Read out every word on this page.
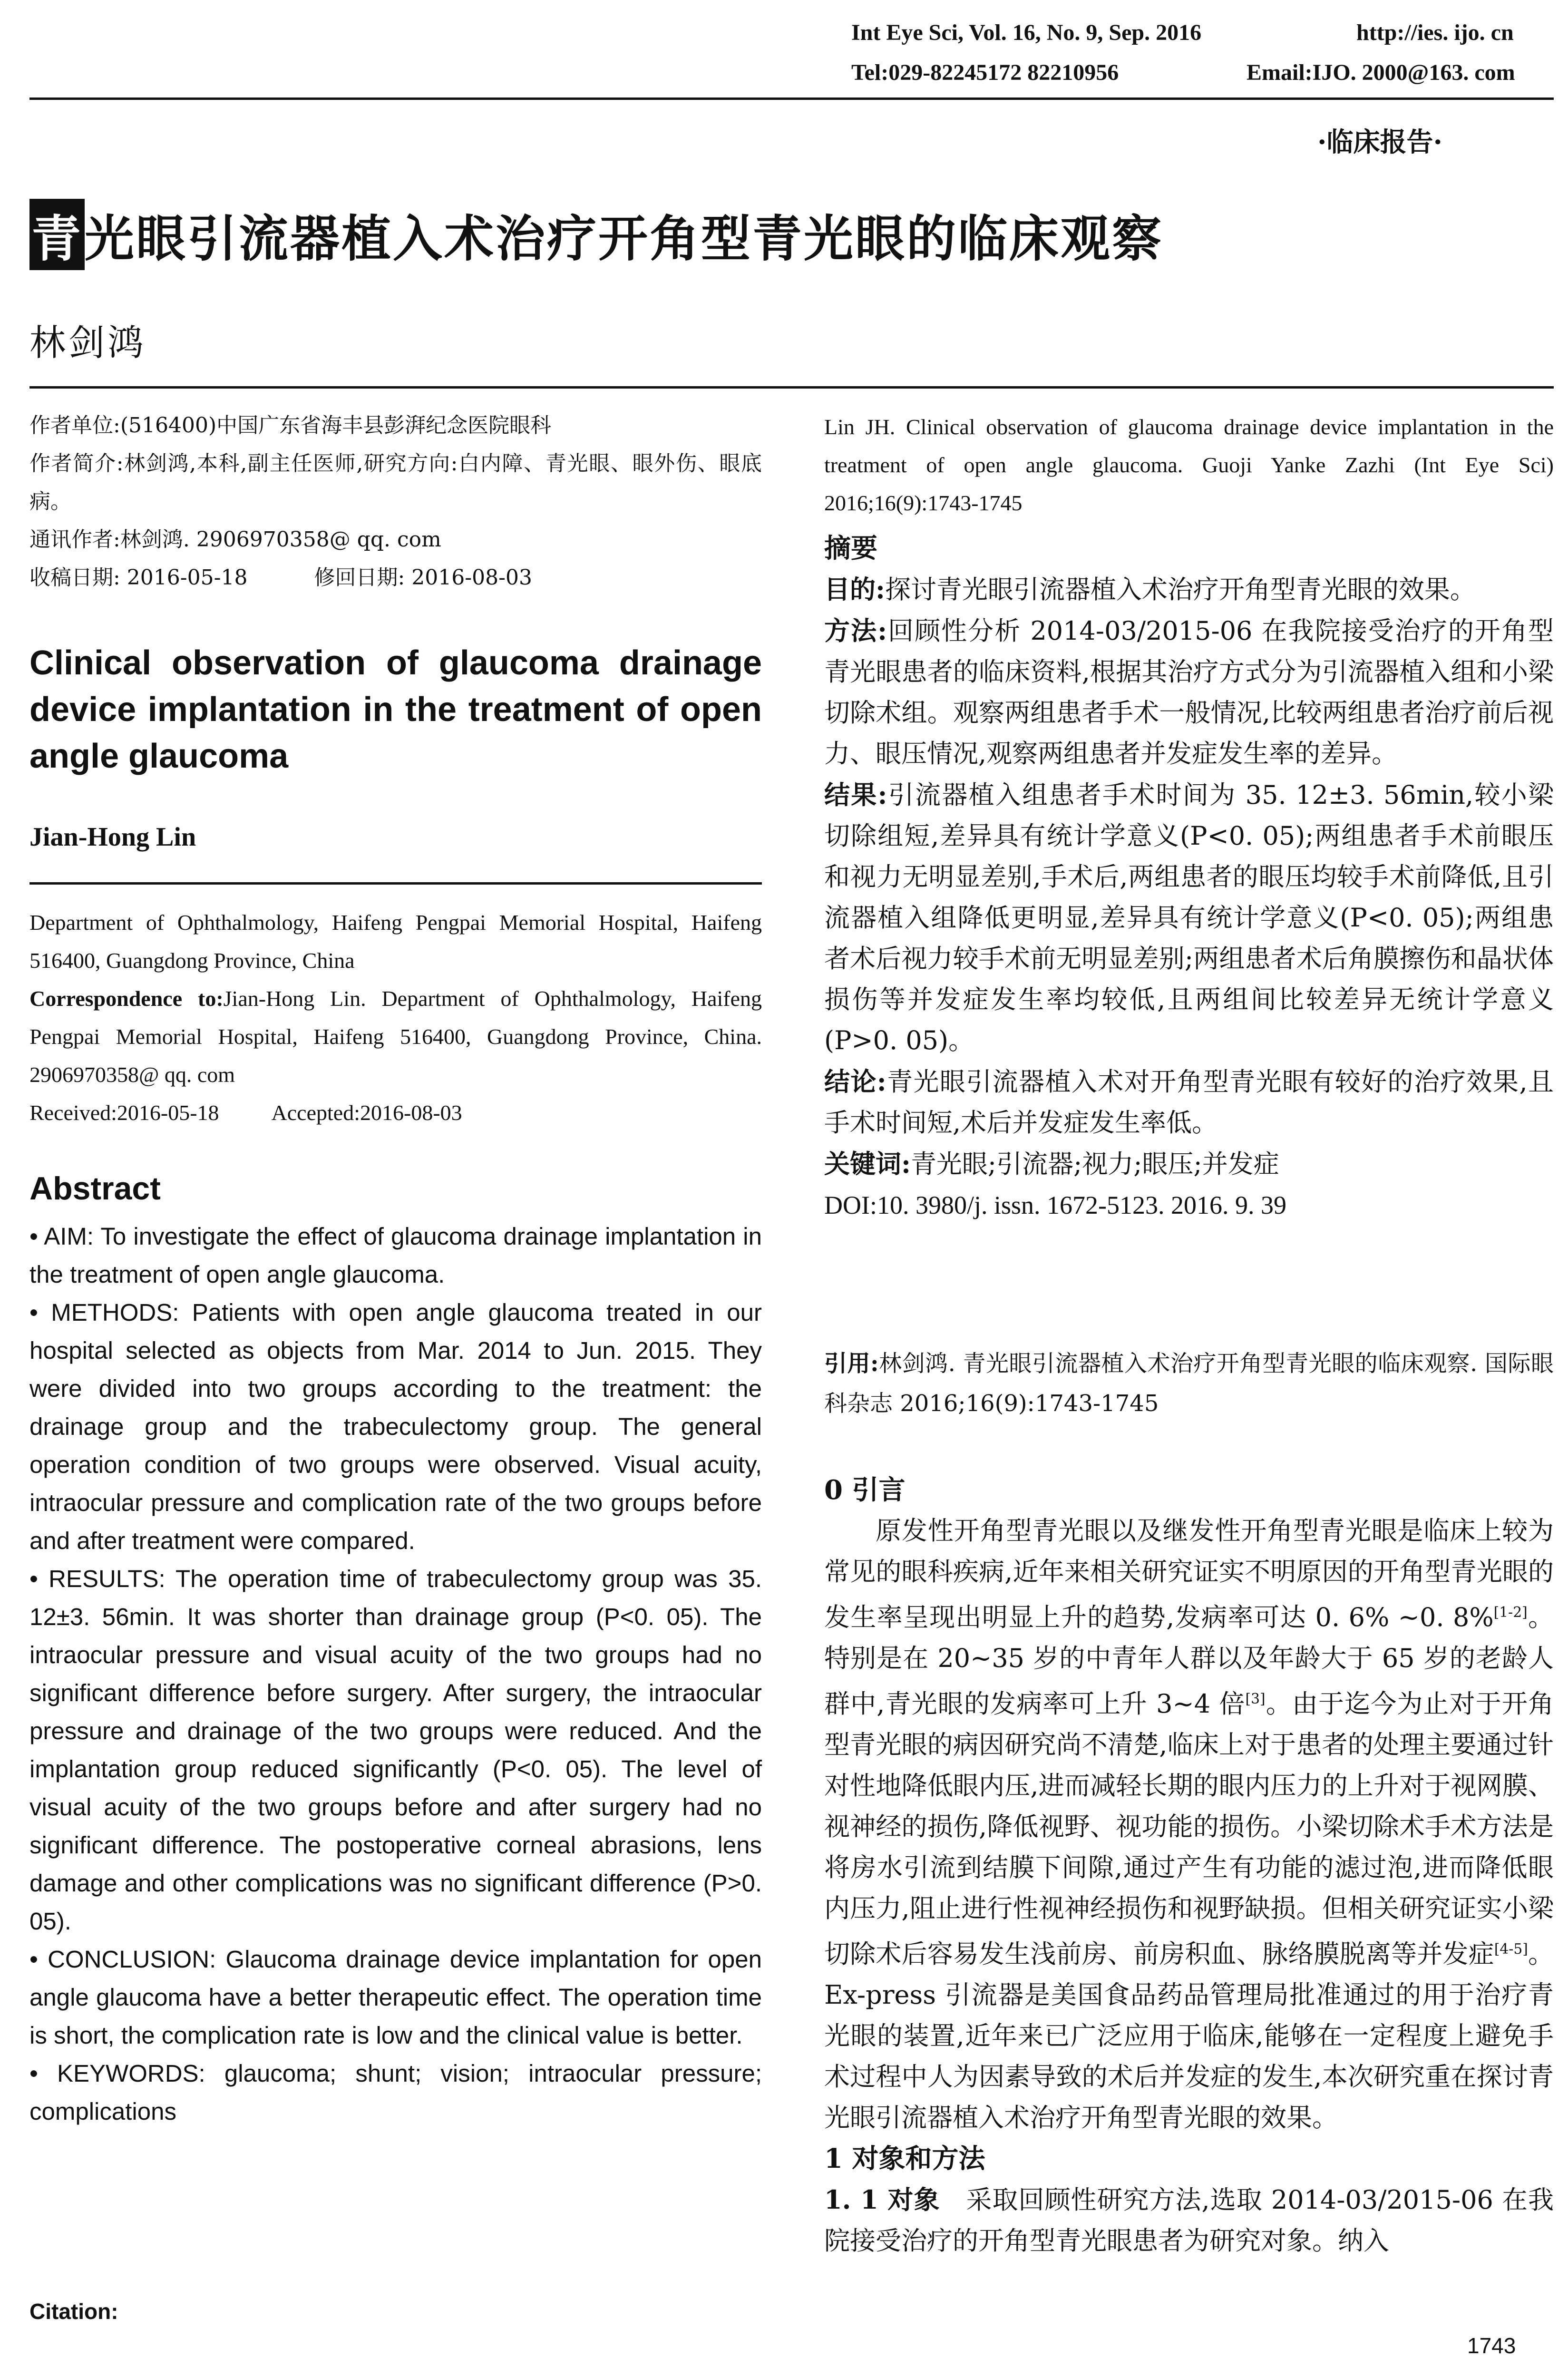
Int Eye Sci, Vol. 16, No. 9, Sep. 2016	http://ies. ijo. cn
Tel:029-82245172 82210956	Email:IJO. 2000@163. com
·临床报告·
青光眼引流器植入术治疗开角型青光眼的临床观察
林剑鸿

作者单位:(516400)中国广东省海丰县彭湃纪念医院眼科

作者简介:林剑鸿,本科,副主任医师,研究方向:白内障、青光眼、眼外伤、眼底病。

通讯作者:林剑鸿. 2906970358@ qq. com

收稿日期: 2016-05-18	修回日期: 2016-08-03

Clinical observation of glaucoma drainage device implantation in the treatment of open angle glaucoma

Jian-Hong Lin

Department of Ophthalmology, Haifeng Pengpai Memorial Hospital, Haifeng 516400, Guangdong Province, China

Correspondence to:Jian-Hong Lin. Department of Ophthalmology, Haifeng Pengpai Memorial Hospital, Haifeng 516400, Guangdong Province, China. 2906970358@ qq. com

Received:2016-05-18 Accepted:2016-08-03

Abstract

• AIM: To investigate the effect of glaucoma drainage implantation in the treatment of open angle glaucoma.

• METHODS: Patients with open angle glaucoma treated in our hospital selected as objects from Mar. 2014 to Jun. 2015. They were divided into two groups according to the treatment: the drainage group and the trabeculectomy group. The general operation condition of two groups were observed. Visual acuity, intraocular pressure and complication rate of the two groups before and after treatment were compared.

• RESULTS: The operation time of trabeculectomy group was 35. 12±3. 56min. It was shorter than drainage group (P<0. 05). The intraocular pressure and visual acuity of the two groups had no significant difference before surgery. After surgery, the intraocular pressure and drainage of the two groups were reduced. And the implantation group reduced significantly (P<0. 05). The level of visual acuity of the two groups before and after surgery had no significant difference. The postoperative corneal abrasions, lens damage and other complications was no significant difference (P>0. 05).

• CONCLUSION: Glaucoma drainage device implantation for open angle glaucoma have a better therapeutic effect. The operation time is short, the complication rate is low and the clinical value is better.

• KEYWORDS: glaucoma; shunt; vision; intraocular pressure; complications

Citation:
Lin JH. Clinical observation of glaucoma drainage device implantation in the treatment of open angle glaucoma. Guoji Yanke Zazhi (Int Eye Sci) 2016;16(9):1743-1745

摘要

目的:探讨青光眼引流器植入术治疗开角型青光眼的效果。

方法:回顾性分析 2014-03/2015-06 在我院接受治疗的开角型青光眼患者的临床资料,根据其治疗方式分为引流器植入组和小梁切除术组。观察两组患者手术一般情况,比较两组患者治疗前后视力、眼压情况,观察两组患者并发症发生率的差异。

结果:引流器植入组患者手术时间为 35. 12±3. 56min,较小梁切除组短,差异具有统计学意义(P<0. 05);两组患者手术前眼压和视力无明显差别,手术后,两组患者的眼压均较手术前降低,且引流器植入组降低更明显,差异具有统计学意义(P<0. 05);两组患者术后视力较手术前无明显差别;两组患者术后角膜擦伤和晶状体损伤等并发症发生率均较低,且两组间比较差异无统计学意义(P>0. 05)。

结论:青光眼引流器植入术对开角型青光眼有较好的治疗效果,且手术时间短,术后并发症发生率低。

关键词:青光眼;引流器;视力;眼压;并发症

DOI:10. 3980/j. issn. 1672-5123. 2016. 9. 39

引用:林剑鸿. 青光眼引流器植入术治疗开角型青光眼的临床观察. 国际眼科杂志 2016;16(9):1743-1745

0 引言

原发性开角型青光眼以及继发性开角型青光眼是临床上较为常见的眼科疾病,近年来相关研究证实不明原因的开角型青光眼的发生率呈现出明显上升的趋势,发病率可达 0. 6% ~0. 8%[1-2]。特别是在 20~35 岁的中青年人群以及年龄大于 65 岁的老龄人群中,青光眼的发病率可上升 3~4 倍[3]。由于迄今为止对于开角型青光眼的病因研究尚不清楚,临床上对于患者的处理主要通过针对性地降低眼内压,进而减轻长期的眼内压力的上升对于视网膜、视神经的损伤,降低视野、视功能的损伤。小梁切除术手术方法是将房水引流到结膜下间隙,通过产生有功能的滤过泡,进而降低眼内压力,阻止进行性视神经损伤和视野缺损。但相关研究证实小梁切除术后容易发生浅前房、前房积血、脉络膜脱离等并发症[4-5]。Ex-press 引流器是美国食品药品管理局批准通过的用于治疗青光眼的装置,近年来已广泛应用于临床,能够在一定程度上避免手术过程中人为因素导致的术后并发症的发生,本次研究重在探讨青光眼引流器植入术治疗开角型青光眼的效果。

1 对象和方法

1. 1 对象 采取回顾性研究方法,选取 2014-03/2015-06 在我院接受治疗的开角型青光眼患者为研究对象。纳入

1743
